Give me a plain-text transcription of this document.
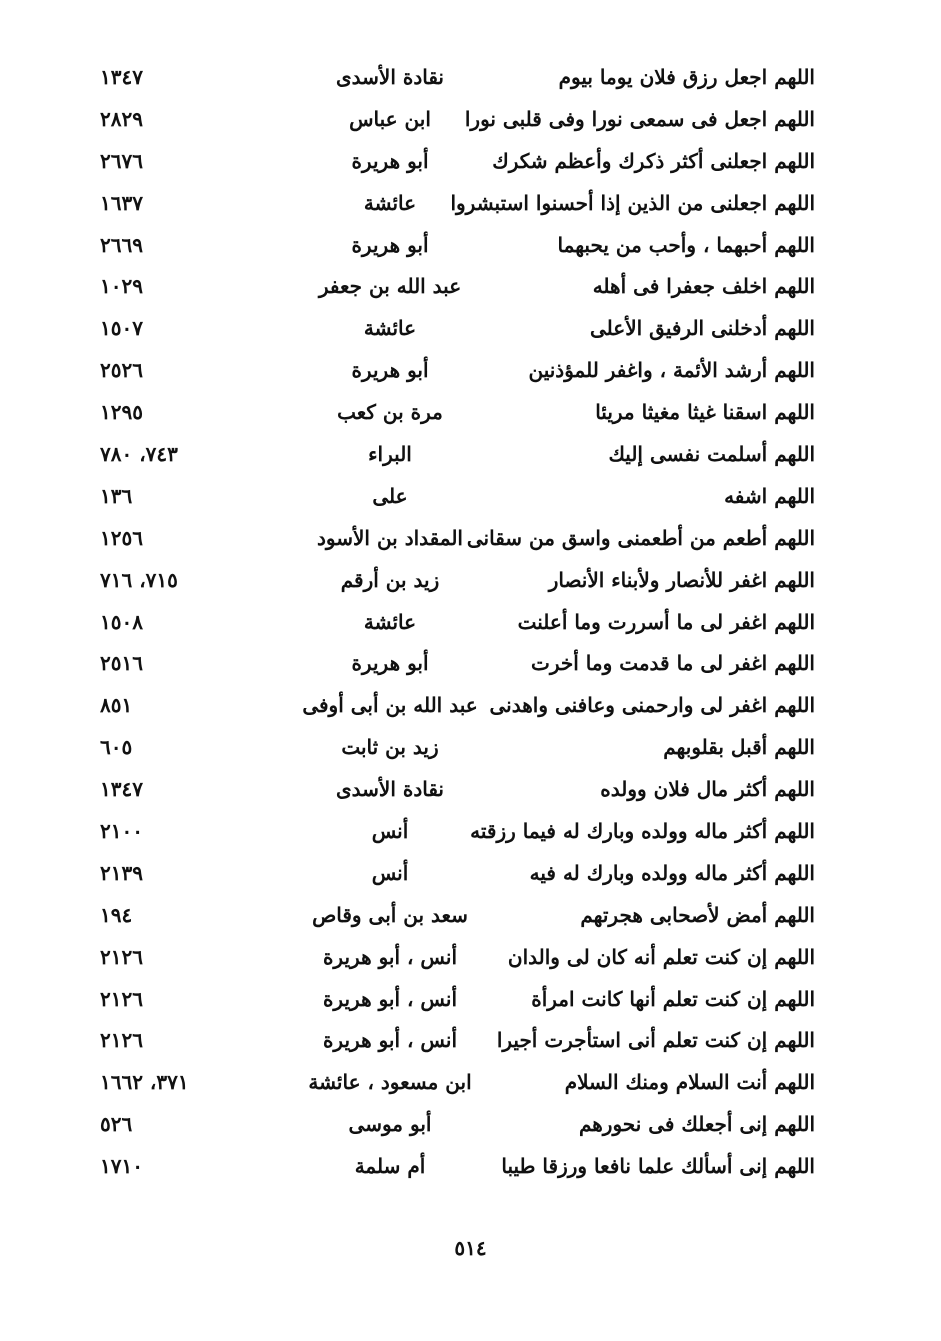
اللهم اجعل رزق فلان يوما بيوم
نقادة الأسدى
١٣٤٧
اللهم اجعل فى سمعى نورا وفى قلبى نورا
ابن عباس
٢٨٢٩
اللهم اجعلنى أكثر ذكرك وأعظم شكرك
أبو هريرة
٢٦٧٦
اللهم اجعلنى من الذين إذا أحسنوا استبشروا
عائشة
١٦٣٧
اللهم أحبهما ، وأحب من يحبهما
أبو هريرة
٢٦٦٩
اللهم اخلف جعفرا فى أهله
عبد الله بن جعفر
١٠٢٩
اللهم أدخلنى الرفيق الأعلى
عائشة
١٥٠٧
اللهم أرشد الأئمة ، واغفر للمؤذنين
أبو هريرة
٢٥٢٦
اللهم اسقنا غيثا مغيثا مريئا
مرة بن كعب
١٢٩٥
اللهم أسلمت نفسى إليك
البراء
٧٤٣، ٧٨٠
اللهم اشفه
على
١٣٦
اللهم أطعم من أطعمنى واسق من سقانى
المقداد بن الأسود
١٢٥٦
اللهم اغفر للأنصار ولأبناء الأنصار
زيد بن أرقم
٧١٥، ٧١٦
اللهم اغفر لى ما أسررت وما أعلنت
عائشة
١٥٠٨
اللهم اغفر لى ما قدمت وما أخرت
أبو هريرة
٢٥١٦
اللهم اغفر لى وارحمنى وعافنى واهدنى
عبد الله بن أبى أوفى
٨٥١
اللهم أقبل بقلوبهم
زيد بن ثابت
٦٠٥
اللهم أكثر مال فلان وولده
نقادة الأسدى
١٣٤٧
اللهم أكثر ماله وولده وبارك له فيما رزقته
أنس
٢١٠٠
اللهم أكثر ماله وولده وبارك له فيه
أنس
٢١٣٩
اللهم أمض لأصحابى هجرتهم
سعد بن أبى وقاص
١٩٤
اللهم إن كنت تعلم أنه كان لى والدان
أنس ، أبو هريرة
٢١٢٦
اللهم إن كنت تعلم أنها كانت امرأة
أنس ، أبو هريرة
٢١٢٦
اللهم إن كنت تعلم أنى استأجرت أجيرا
أنس ، أبو هريرة
٢١٢٦
اللهم أنت السلام ومنك السلام
ابن مسعود ، عائشة
٣٧١، ١٦٦٢
اللهم إنى أجعلك فى نحورهم
أبو موسى
٥٢٦
اللهم إنى أسألك علما نافعا ورزقا طيبا
أم سلمة
١٧١٠
٥١٤
